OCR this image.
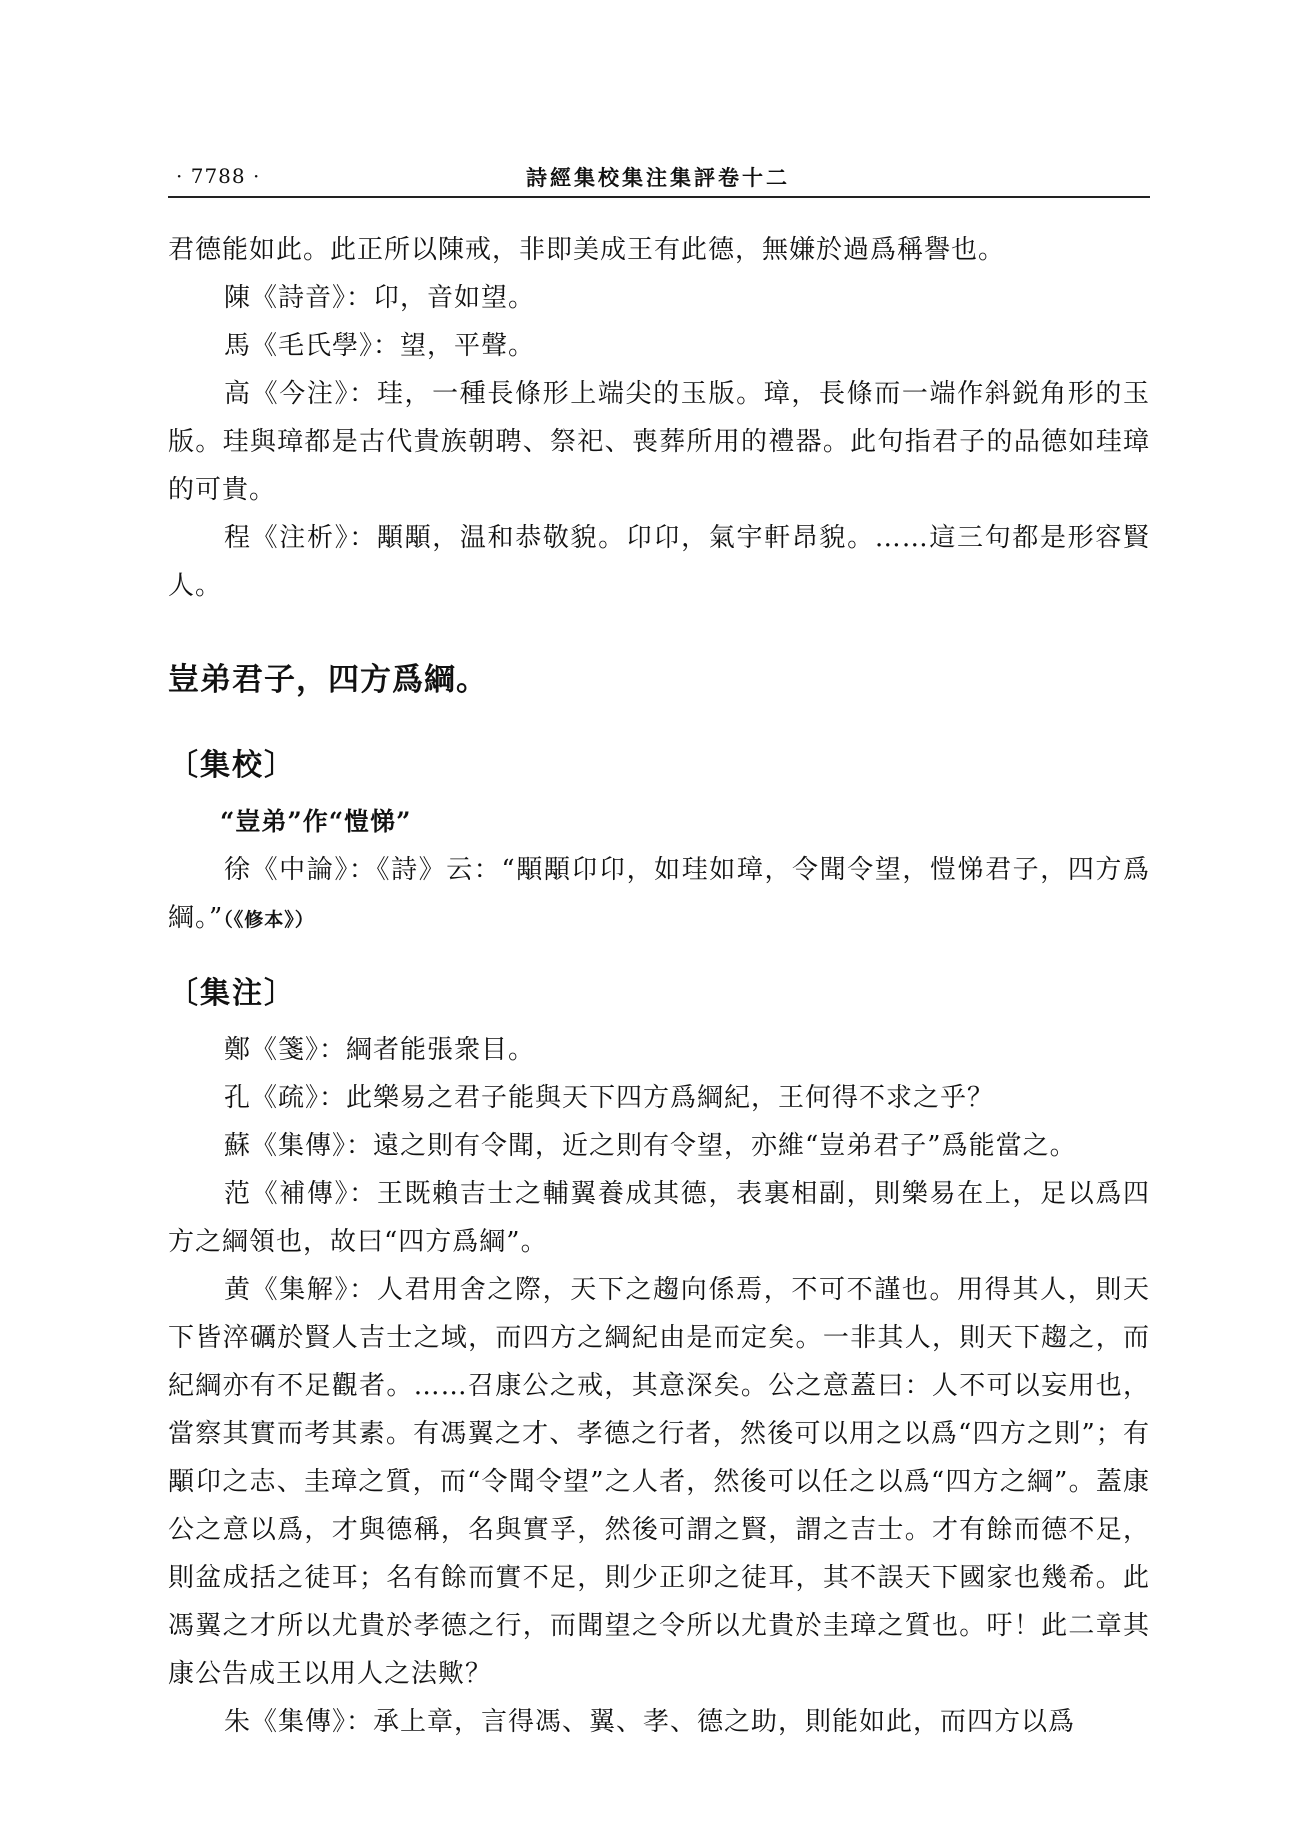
· 7788 ·	詩經集校集注集評卷十二

君德能如此。此正所以陳戒，非即美成王有此德，無嫌於過爲稱譽也。

陳《詩音》：卬，音如望。

馬《毛氏學》：望，平聲。

高《今注》：珪，一種長條形上端尖的玉版。璋，長條而一端作斜鋭角形的玉版。珪與璋都是古代貴族朝聘、祭祀、喪葬所用的禮器。此句指君子的品德如珪璋的可貴。

程《注析》：顒顒，温和恭敬貌。卬卬，氣宇軒昂貌。……這三句都是形容賢人。

豈弟君子，四方爲綱。

〔集校〕

“豈弟”作“愷悌”

徐《中論》：《詩》云：“顒顒卬卬，如珪如璋，令聞令望，愷悌君子，四方爲綱。”（《修本》）

〔集注〕

鄭《箋》：綱者能張衆目。

孔《疏》：此樂易之君子能與天下四方爲綱紀，王何得不求之乎？

蘇《集傳》：遠之則有令聞，近之則有令望，亦維“豈弟君子”爲能當之。

范《補傳》：王既賴吉士之輔翼養成其德，表裏相副，則樂易在上，足以爲四方之綱領也，故曰“四方爲綱”。

黄《集解》：人君用舍之際，天下之趨向係焉，不可不謹也。用得其人，則天下皆淬礪於賢人吉士之域，而四方之綱紀由是而定矣。一非其人，則天下趨之，而紀綱亦有不足觀者。……召康公之戒，其意深矣。公之意蓋曰：人不可以妄用也，當察其實而考其素。有馮翼之才、孝德之行者，然後可以用之以爲“四方之則”；有顒卬之志、圭璋之質，而“令聞令望”之人者，然後可以任之以爲“四方之綱”。蓋康公之意以爲，才與德稱，名與實孚，然後可謂之賢，謂之吉士。才有餘而德不足，則盆成括之徒耳；名有餘而實不足，則少正卯之徒耳，其不誤天下國家也幾希。此馮翼之才所以尤貴於孝德之行，而聞望之令所以尤貴於圭璋之質也。吁！此二章其康公告成王以用人之法歟？

朱《集傳》：承上章，言得馮、翼、孝、德之助，則能如此，而四方以爲
